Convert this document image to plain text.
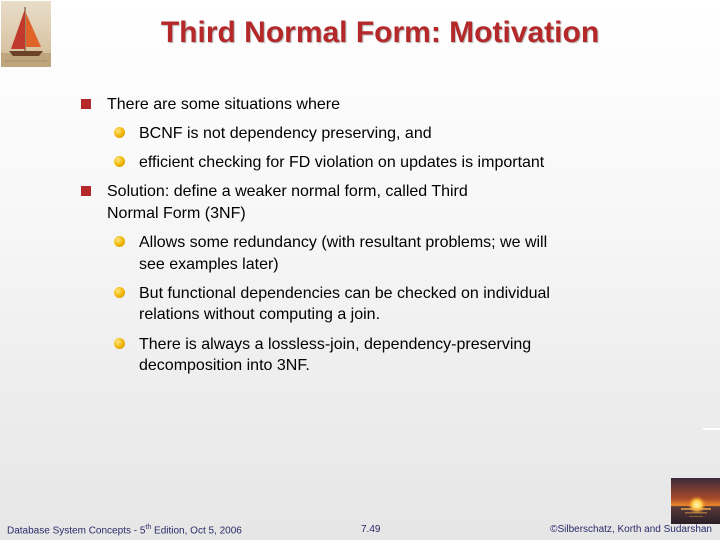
Third Normal Form: Motivation
There are some situations where
BCNF is not dependency preserving, and
efficient checking for FD violation on updates is important
Solution: define a weaker normal form, called Third
Normal Form (3NF)
Allows some redundancy (with resultant problems; we will
see examples later)
But functional dependencies can be checked on individual
relations without computing a join.
There is always a lossless-join, dependency-preserving
decomposition into 3NF.
Database System Concepts - 5th Edition, Oct 5, 2006	7.49	©Silberschatz, Korth and Sudarshan
